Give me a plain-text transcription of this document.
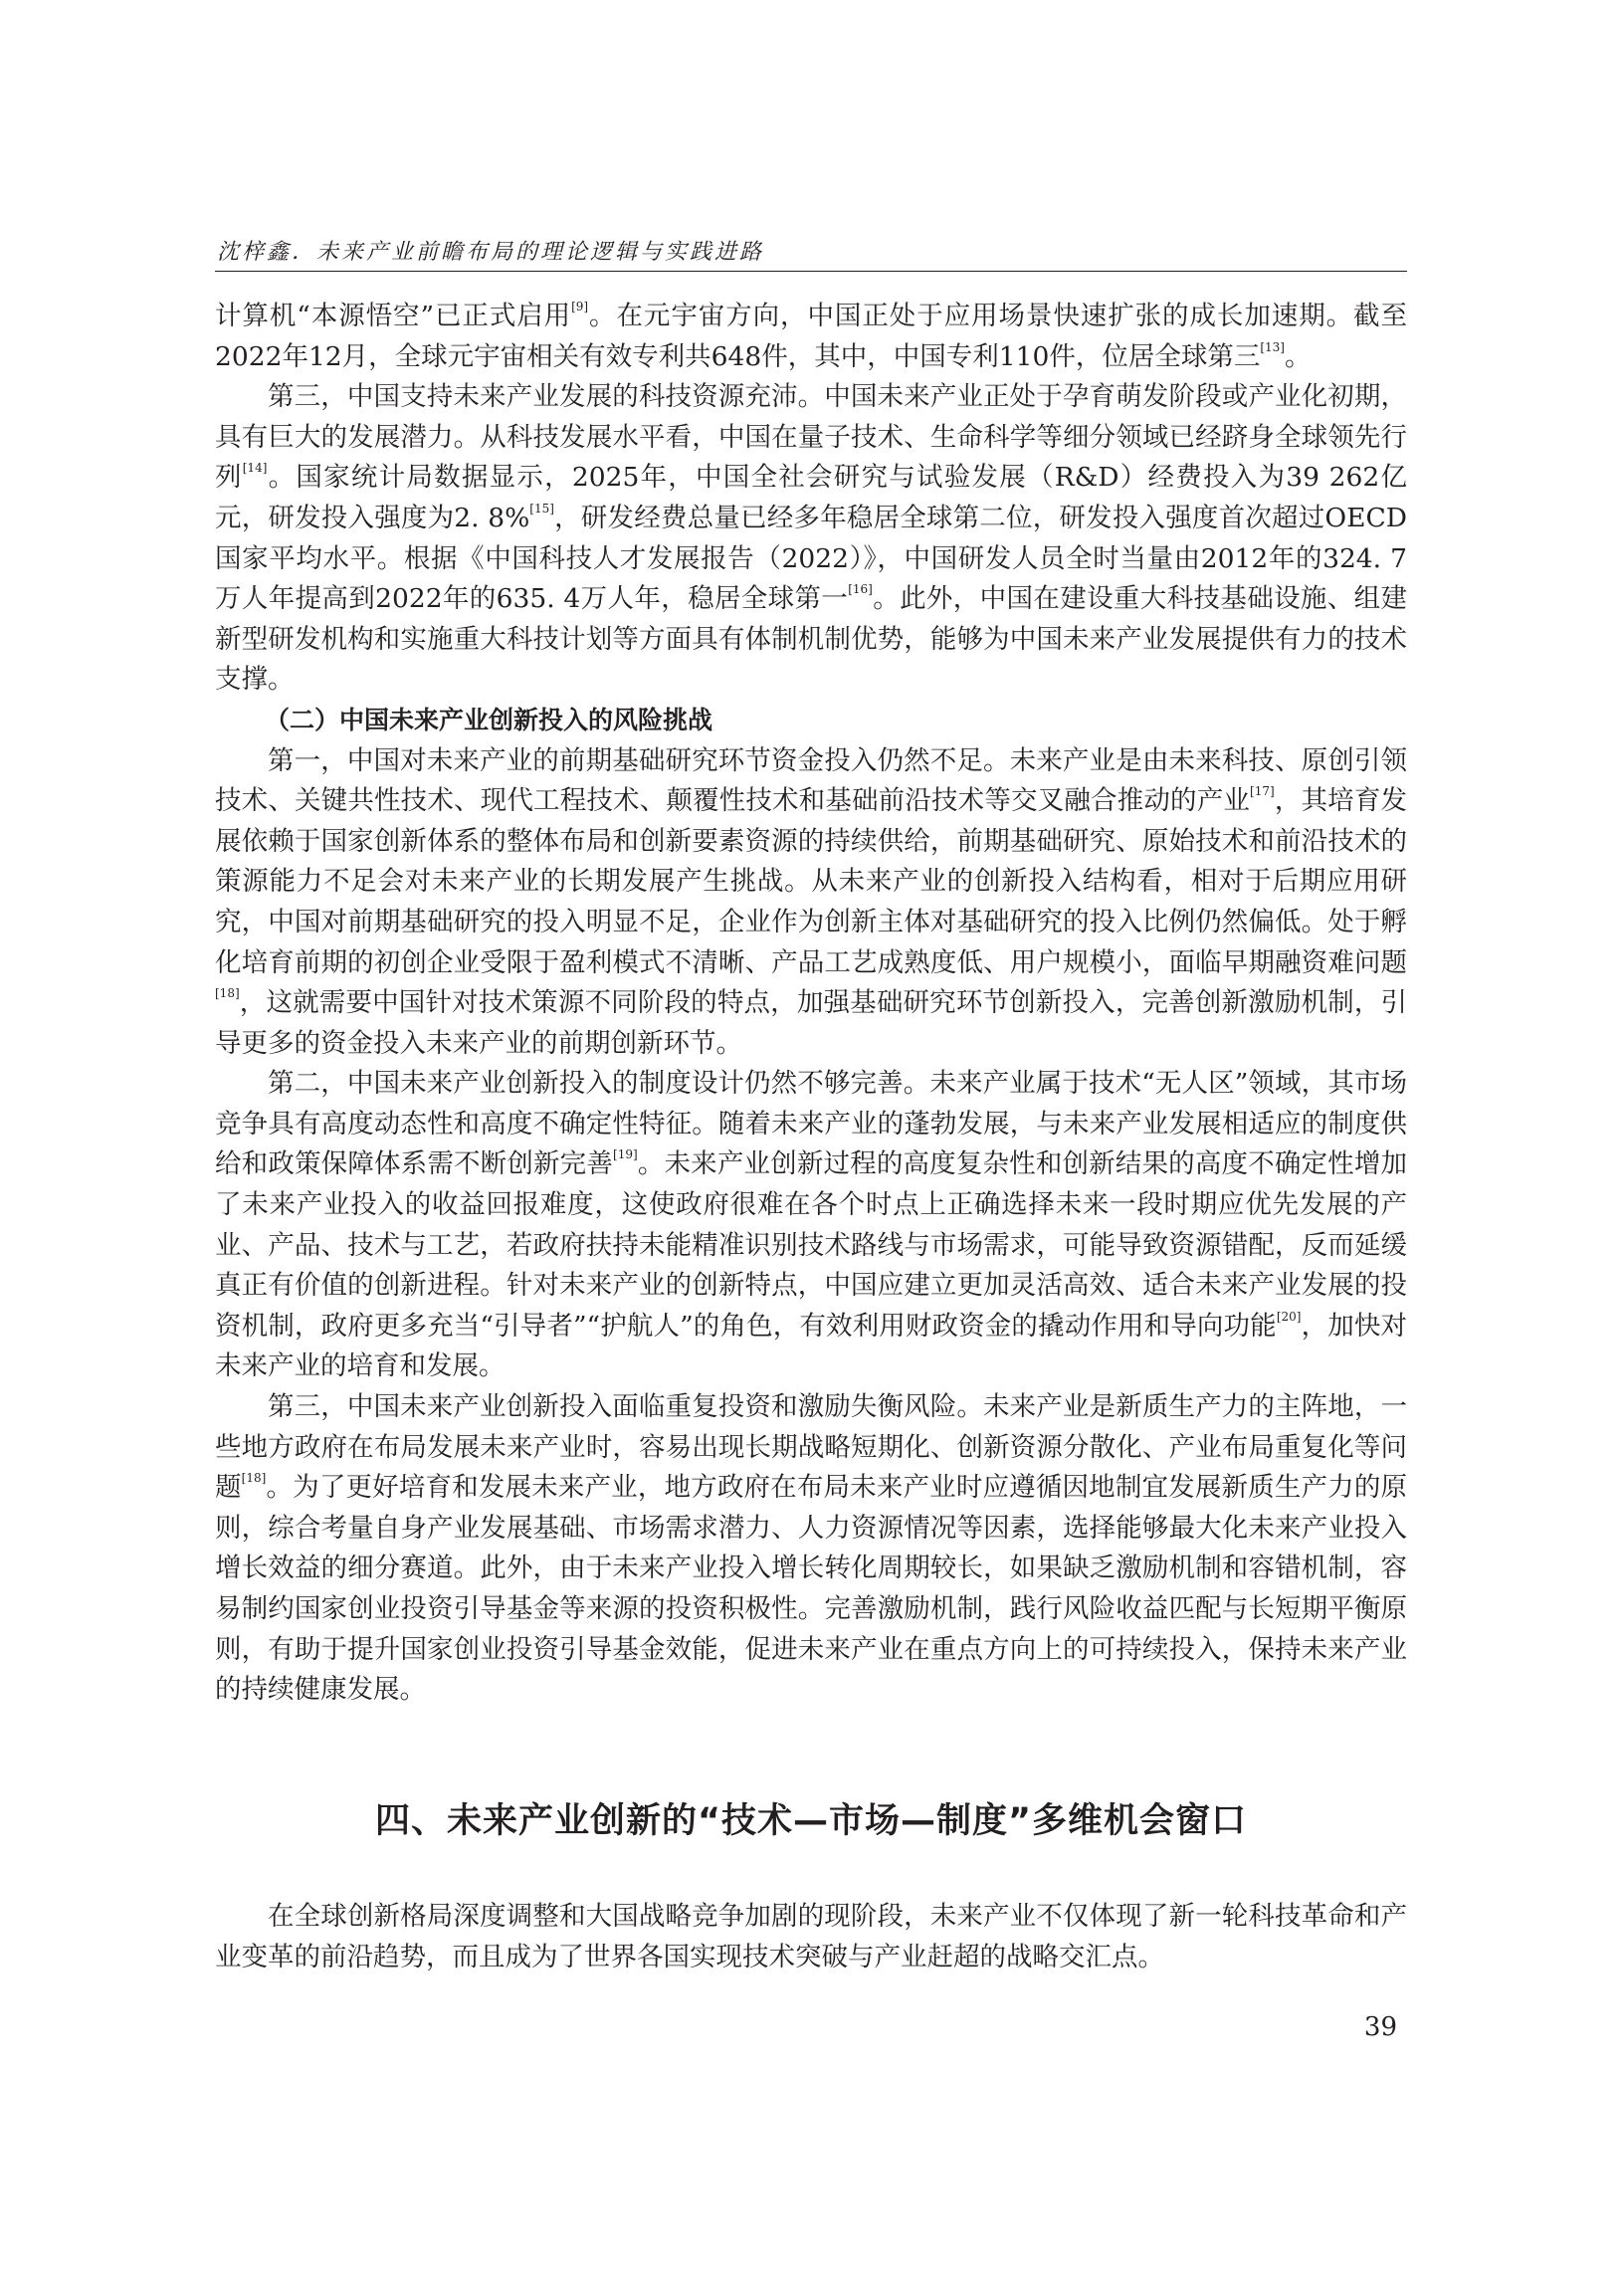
沈梓鑫．未来产业前瞻布局的理论逻辑与实践进路

计算机“本源悟空”已正式启用[9]。在元宇宙方向，中国正处于应用场景快速扩张的成长加速期。截至2022年12月，全球元宇宙相关有效专利共648件，其中，中国专利110件，位居全球第三[13]。

第三，中国支持未来产业发展的科技资源充沛。中国未来产业正处于孕育萌发阶段或产业化初期，具有巨大的发展潜力。从科技发展水平看，中国在量子技术、生命科学等细分领域已经跻身全球领先行列[14]。国家统计局数据显示，2025年，中国全社会研究与试验发展（R&D）经费投入为39 262亿元，研发投入强度为2. 8%[15]，研发经费总量已经多年稳居全球第二位，研发投入强度首次超过OECD国家平均水平。根据《中国科技人才发展报告（2022）》，中国研发人员全时当量由2012年的324. 7万人年提高到2022年的635. 4万人年，稳居全球第一[16]。此外，中国在建设重大科技基础设施、组建新型研发机构和实施重大科技计划等方面具有体制机制优势，能够为中国未来产业发展提供有力的技术支撑。

（二）中国未来产业创新投入的风险挑战

第一，中国对未来产业的前期基础研究环节资金投入仍然不足。未来产业是由未来科技、原创引领技术、关键共性技术、现代工程技术、颠覆性技术和基础前沿技术等交叉融合推动的产业[17]，其培育发展依赖于国家创新体系的整体布局和创新要素资源的持续供给，前期基础研究、原始技术和前沿技术的策源能力不足会对未来产业的长期发展产生挑战。从未来产业的创新投入结构看，相对于后期应用研究，中国对前期基础研究的投入明显不足，企业作为创新主体对基础研究的投入比例仍然偏低。处于孵化培育前期的初创企业受限于盈利模式不清晰、产品工艺成熟度低、用户规模小，面临早期融资难问题[18]，这就需要中国针对技术策源不同阶段的特点，加强基础研究环节创新投入，完善创新激励机制，引导更多的资金投入未来产业的前期创新环节。

第二，中国未来产业创新投入的制度设计仍然不够完善。未来产业属于技术“无人区”领域，其市场竞争具有高度动态性和高度不确定性特征。随着未来产业的蓬勃发展，与未来产业发展相适应的制度供给和政策保障体系需不断创新完善[19]。未来产业创新过程的高度复杂性和创新结果的高度不确定性增加了未来产业投入的收益回报难度，这使政府很难在各个时点上正确选择未来一段时期应优先发展的产业、产品、技术与工艺，若政府扶持未能精准识别技术路线与市场需求，可能导致资源错配，反而延缓真正有价值的创新进程。针对未来产业的创新特点，中国应建立更加灵活高效、适合未来产业发展的投资机制，政府更多充当“引导者”“护航人”的角色，有效利用财政资金的撬动作用和导向功能[20]，加快对未来产业的培育和发展。

第三，中国未来产业创新投入面临重复投资和激励失衡风险。未来产业是新质生产力的主阵地，一些地方政府在布局发展未来产业时，容易出现长期战略短期化、创新资源分散化、产业布局重复化等问题[18]。为了更好培育和发展未来产业，地方政府在布局未来产业时应遵循因地制宜发展新质生产力的原则，综合考量自身产业发展基础、市场需求潜力、人力资源情况等因素，选择能够最大化未来产业投入增长效益的细分赛道。此外，由于未来产业投入增长转化周期较长，如果缺乏激励机制和容错机制，容易制约国家创业投资引导基金等来源的投资积极性。完善激励机制，践行风险收益匹配与长短期平衡原则，有助于提升国家创业投资引导基金效能，促进未来产业在重点方向上的可持续投入，保持未来产业的持续健康发展。

四、未来产业创新的“技术—市场—制度”多维机会窗口

在全球创新格局深度调整和大国战略竞争加剧的现阶段，未来产业不仅体现了新一轮科技革命和产业变革的前沿趋势，而且成为了世界各国实现技术突破与产业赶超的战略交汇点。

39
